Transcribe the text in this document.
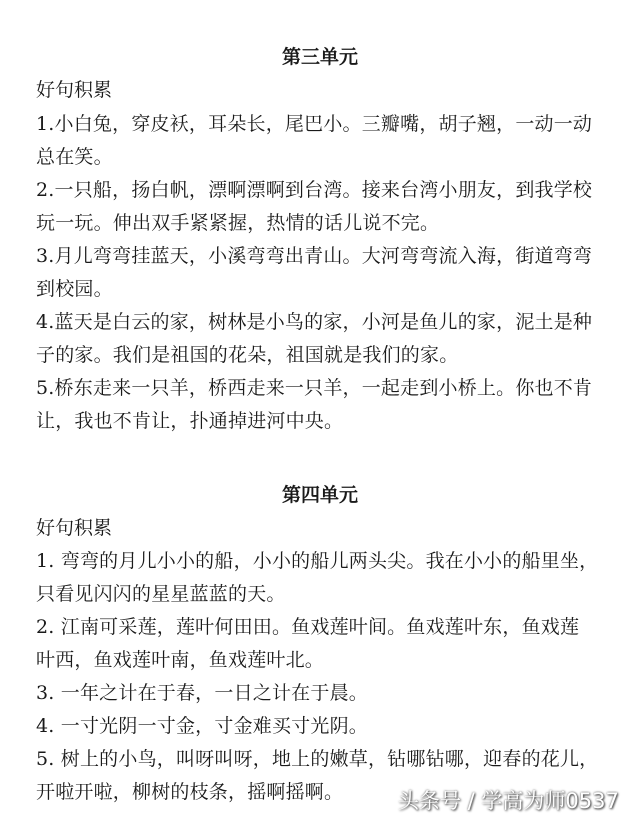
第三单元
好句积累
1.小白兔，穿皮袄，耳朵长，尾巴小。三瓣嘴，胡子翘，一动一动
总在笑。
2.一只船，扬白帆，漂啊漂啊到台湾。接来台湾小朋友，到我学校
玩一玩。伸出双手紧紧握，热情的话儿说不完。
3.月儿弯弯挂蓝天，小溪弯弯出青山。大河弯弯流入海，街道弯弯
到校园。
4.蓝天是白云的家，树林是小鸟的家，小河是鱼儿的家，泥土是种
子的家。我们是祖国的花朵，祖国就是我们的家。
5.桥东走来一只羊，桥西走来一只羊，一起走到小桥上。你也不肯
让，我也不肯让，扑通掉进河中央。
第四单元
好句积累
1. 弯弯的月儿小小的船，小小的船儿两头尖。我在小小的船里坐，
只看见闪闪的星星蓝蓝的天。
2. 江南可采莲，莲叶何田田。鱼戏莲叶间。鱼戏莲叶东，鱼戏莲
叶西，鱼戏莲叶南，鱼戏莲叶北。
3. 一年之计在于春，一日之计在于晨。
4. 一寸光阴一寸金，寸金难买寸光阴。
5. 树上的小鸟，叫呀叫呀，地上的嫩草，钻哪钻哪，迎春的花儿，
开啦开啦，柳树的枝条，摇啊摇啊。	头条号 / 学高为师0537
